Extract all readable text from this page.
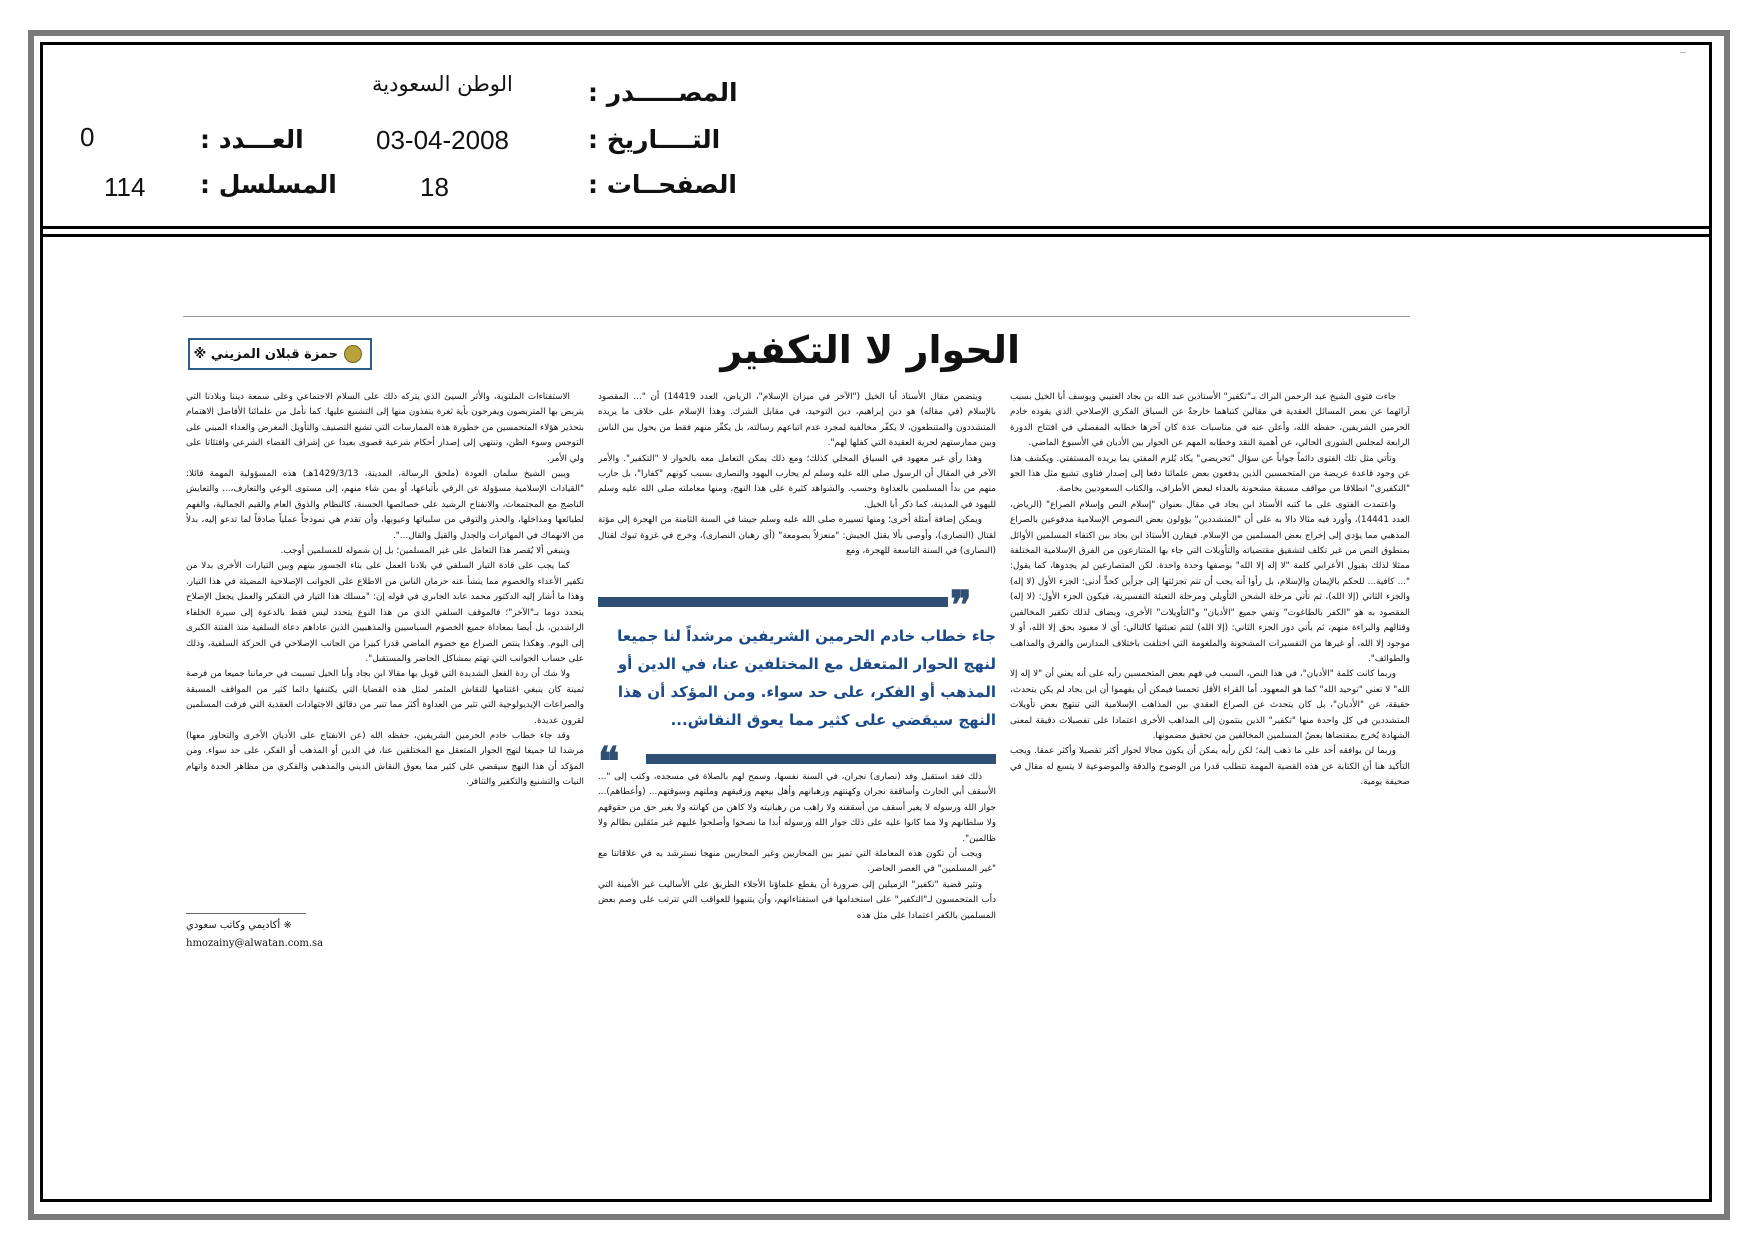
المصـــــدر :
الوطن السعودية
التــــاريخ :
03-04-2008
العـــدد :
0
الصفحــات :
18
المسلسل :
114
الحوار لا التكفير
حمزة قبلان المزيني ※

جاءت فتوى الشيخ عبد الرحمن البراك بـ"تكفير" الأستاذين عبد الله بن بجاد العتيبي ويوسف أبا الخيل بسبب آرائهما عن بعض المسائل العقدية في مقالين كتباهما خارجةً عن السياق الفكري الإصلاحي الذي يقوده خادم الحرمين الشريفين، حفظه الله، وأعلن عنه في مناسبات عدة كان آخرها خطابه المفصلي في افتتاح الدورة الرابعة لمجلس الشورى الحالي، عن أهمية النقد وخطابه المهم عن الحوار بين الأديان في الأسبوع الماضي.

وتأتي مثل تلك الفتوى دائماً جواباً عن سؤال "تحريضي" يكاد يُلزم المفتي بما يريده المستفتي. ويكشف هذا عن وجود قاعدة عريضة من المتحمسين الذين يدفعون بعض علمائنا دفعا إلى إصدار فتاوى تشيع مثل هذا الجو "التكفيري" انطلاقا من مواقف مسبقة مشحونة بالعداء لبعض الأطراف، والكتاب السعوديين بخاصة.

واعتمدت الفتوى على ما كتبه الأستاذ ابن بجاد في مقال بعنوان "إسلام النص وإسلام الصراع" (الرياض، العدد 14441)، وأورد فيه مثالا دالا به على أن "المتشددين" يؤولون بعض النصوص الإسلامية مدفوعين بالصراع المذهبي مما يؤدي إلى إخراج بعض المسلمين من الإسلام. فيقارن الأستاذ ابن بجاد بين اكتفاء المسلمين الأوائل بمنطوق النص من غير تكلف لتشقيق مقتضياته والتأويلات التي جاء بها المتنازعون من الفرق الإسلامية المختلفة ممثلا لذلك بقبول الأعرابي كلمة "لا إله إلا الله" بوصفها وحدة واحدة. لكن المتصارعين لم يجدوها، كما يقول: "... كافية... للحكم بالإيمان والإسلام، بل رأوا أنه يجب أن تتم تجزئتها إلى جزأين كحدٍّ أدنى: الجزء الأول (لا إله) والجزء الثاني (إلا الله)، ثم تأتي مرحلة الشحن التأويلي ومرحلة التعبئة التفسيرية، فيكون الجزء الأول: (لا إله) المقصود به هو "الكفر بالطاغوت" وتفي جميع "الأديان" و"التأويلات" الأخرى، ويضاف لذلك تكفير المخالفين وقتالهم والبراءة منهم، ثم يأتي دور الجزء الثاني: (إلا الله) لتتم تعبئتها كالتالي: أي لا معبود بحق إلا الله، أو لا موجود إلا الله، أو غيرها من التفسيرات المشحونة والملغومة التي اختلفت باختلاف المدارس والفرق والمذاهب والطوائف".

وربما كانت كلمة "الأديان"، في هذا النص، السبب في فهم بعض المتحمسين رأيه على أنه يعني أن "لا إله إلا الله" لا تعني "توحيد الله" كما هو المعهود. أما القراء الأقل تحمسا فيمكن أن يفهموا أن ابن بجاد لم يكن يتحدث، حقيقة، عن "الأديان"، بل كان يتحدث عن الصراع العقدي بين المذاهب الإسلامية التي تنتهج بعض تأويلات المتشددين في كل واحدة منها "تكفير" الذين ينتمون إلى المذاهب الأخرى اعتمادا على تفصيلات دقيقة لمعنى الشهادة يُخرج بمقتضاها بعضُ المسلمين المخالفين من تحقيق مضمونها.

وربما لن يوافقه أحد على ما ذهب إليه؛ لكن رأيه يمكن أن يكون مجالا لحوار أكثر تفصيلا وأكثر عمقا. ويجب التأكيد هنا أن الكتابة عن هذه القضية المهمة تتطلب قدرا من الوضوح والدقة والموضوعية لا يتسع له مقال في صحيفة يومية.

ويتضمن مقال الأستاذ أبا الخيل ("الآخر في ميزان الإسلام"، الرياض، العدد 14419) أن "... المقصود بالإسلام (في مقاله) هو دين إبراهيم، دين التوحيد، في مقابل الشرك. وهذا الإسلام على خلاف ما يريده المتشددون والمتنطعون، لا يكفّر مخالفيه لمجرد عدم اتباعهم رسالته، بل يكفّر منهم فقط من يحول بين الناس وبين ممارستهم لحرية العقيدة التي كفلها لهم".

وهذا رأي غير معهود في السياق المحلي كذلك؛ ومع ذلك يمكن التعامل معه بالحوار لا "التكفير". والأمر الآخر في المقال أن الرسول صلى الله عليه وسلم لم يحارب اليهود والنصارى بسبب كونهم "كفارا"، بل حارب منهم من بدأ المسلمين بالعداوة وحسب. والشواهد كثيرة على هذا النهج، ومنها معاملته صلى الله عليه وسلم لليهود في المدينة، كما ذكر أبا الخيل.

ويمكن إضافة أمثلة أخرى؛ ومنها تسييره صلى الله عليه وسلم جيشا في السنة الثامنة من الهجرة إلى مؤتة لقتال (النصارى)، وأوصى بألا يقتل الجيش: "منعزلاً بصومعة" (أي رهبان النصارى)، وخرج في غزوة تبوك لقتال (النصارى) في السنة التاسعة للهجرة، ومع

❞
جاء خطاب خادم الحرمين الشريفين مرشداً لنا جميعا لنهج الحوار المتعقل مع المختلفين عنا، في الدين أو المذهب أو الفكر، على حد سواء. ومن المؤكد أن هذا النهج سيقضي على كثير مما يعوق النقاش...
❝

ذلك فقد استقبل وفد (نصارى) نجران، في السنة نفسها، وسمح لهم بالصلاة في مسجده، وكتب إلى "... الأسقف أبي الحارث وأساقفة نجران وكهنتهم ورهبانهم وأهل بيعهم ورقيقهم وملتهم وسوقتهم... (وأعطاهم)... جوار الله ورسوله لا يغير أسقف من أسقفته ولا راهب من رهبانيته ولا كاهن من كهانته ولا يغير حق من حقوقهم ولا سلطانهم ولا مما كانوا عليه على ذلك جوار الله ورسوله أبدا ما نصحوا وأصلحوا عليهم غير مثقلين بظالم ولا ظالمين".

ويجب أن تكون هذه المعاملة التي تميز بين المحاربين وغير المحاربين منهجا نسترشد به في علاقاتنا مع "غير المسلمين" في العصر الحاضر.

وتثير قضية "تكفير" الزميلين إلى ضرورة أن يقطع علماؤنا الأجلاء الطريق على الأساليب غير الأمينة التي دأب المتحمسون لـ"التكفير" على استخدامها في استفتاءاتهم، وأن يتنبهوا للعواقب التي تترتب على وصم بعض المسلمين بالكفر اعتمادا على مثل هذه

الاستفتاءات الملتوية، والأثر السيئ الذي يتركه ذلك على السلام الاجتماعي وعلى سمعة ديننا وبلادنا التي يتربص بها المتربصون ويفرحون بأية ثغرة ينفذون منها إلى التشنيع عليها. كما نأمل من علمائنا الأفاضل الاهتمام بتحذير هؤلاء المتحمسين من خطورة هذه الممارسات التي تشيع التصنيف والتأويل المغرض والعداء المبني على التوجس وسوء الظن، وتنتهي إلى إصدار أحكام شرعية قصوى بعيدا عن إشراف القضاء الشرعي وافتئاتا على ولي الأمر.

ويبين الشيخ سلمان العودة (ملحق الرسالة، المدينة، 1429/3/13هـ) هذه المسؤولية المهمة قائلا: "القيادات الإسلامية مسؤولة عن الرقي بأتباعها، أو بمن شاء منهم، إلى مستوى الوعي والتعارف،... والتعايش الناضج مع المجتمعات، والانفتاح الرشيد على خصائصها الحسنة، كالنظام والذوق العام والقيم الجمالية، والفهم لطبائعها ومداخلها، والحذر والتوقي من سلبياتها وعيوبها، وأن تقدم هي نموذجاً عملياً صادقاً لما تدعو إليه، بدلاً من الانهماك في المهاترات والجدل والقيل والقال...".

وينبغي ألا يُقصر هذا التعامل على غير المسلمين؛ بل إن شموله للمسلمين أوجب.

كما يجب على قادة التيار السلفي في بلادنا العمل على بناء الجسور بينهم وبين التيارات الأخرى بدلا من تكفير الأعداء والخصوم مما ينشأ عنه حرمان الناس من الاطلاع على الجوانب الإصلاحية المضيئة في هذا التيار. وهذا ما أشار إليه الدكتور محمد عابد الجابري في قوله إن: "مسلك هذا التيار في التفكير والعمل يجعل الإصلاح يتحدد دوما بـ"الآخر"؛ فالموقف السلفي الذي من هذا النوع يتحدد ليس فقط بالدعوة إلى سيرة الخلفاء الراشدين، بل أيضا بمعاداة جميع الخصوم السياسيين والمذهبيين الذين عاداهم دعاة السلفية منذ الفتنة الكبرى إلى اليوم. وهكذا ينتص الصراع مع خصوم الماضي قدرا كبيرا من الجانب الإصلاحي في الحركة السلفية، وذلك على حساب الجوانب التي تهتم بمشاكل الحاضر والمستقبل".

ولا شك أن ردة الفعل الشديدة التي قوبل بها مقالا ابن بجاد وأبا الخيل تسببت في حرماننا جميعا من فرصة ثمينة كان ينبغي اغتنامها للنقاش المثمر لمثل هذه القضايا التي يكتنفها دائما كثير من المواقف المسبقة والصراعات الإيديولوجية التي تثير من العداوة أكثر مما تنير من دقائق الاجتهادات العقدية التي فرقت المسلمين لقرون عديدة.

وقد جاء خطاب خادم الحرمين الشريفين، حفظه الله (عن الانفتاح على الأديان الأخرى والتحاور معها) مرشدا لنا جميعا لنهج الحوار المتعقل مع المختلفين عنا، في الدين أو المذهب أو الفكر، على حد سواء. ومن المؤكد أن هذا النهج سيقضي على كثير مما يعوق النقاش الديني والمذهبي والفكري من مظاهر الحدة واتهام النيات والتشنيع والتكفير والتنافر.

※ أكاديمي وكاتب سعودي
hmozainy@alwatan.com.sa
